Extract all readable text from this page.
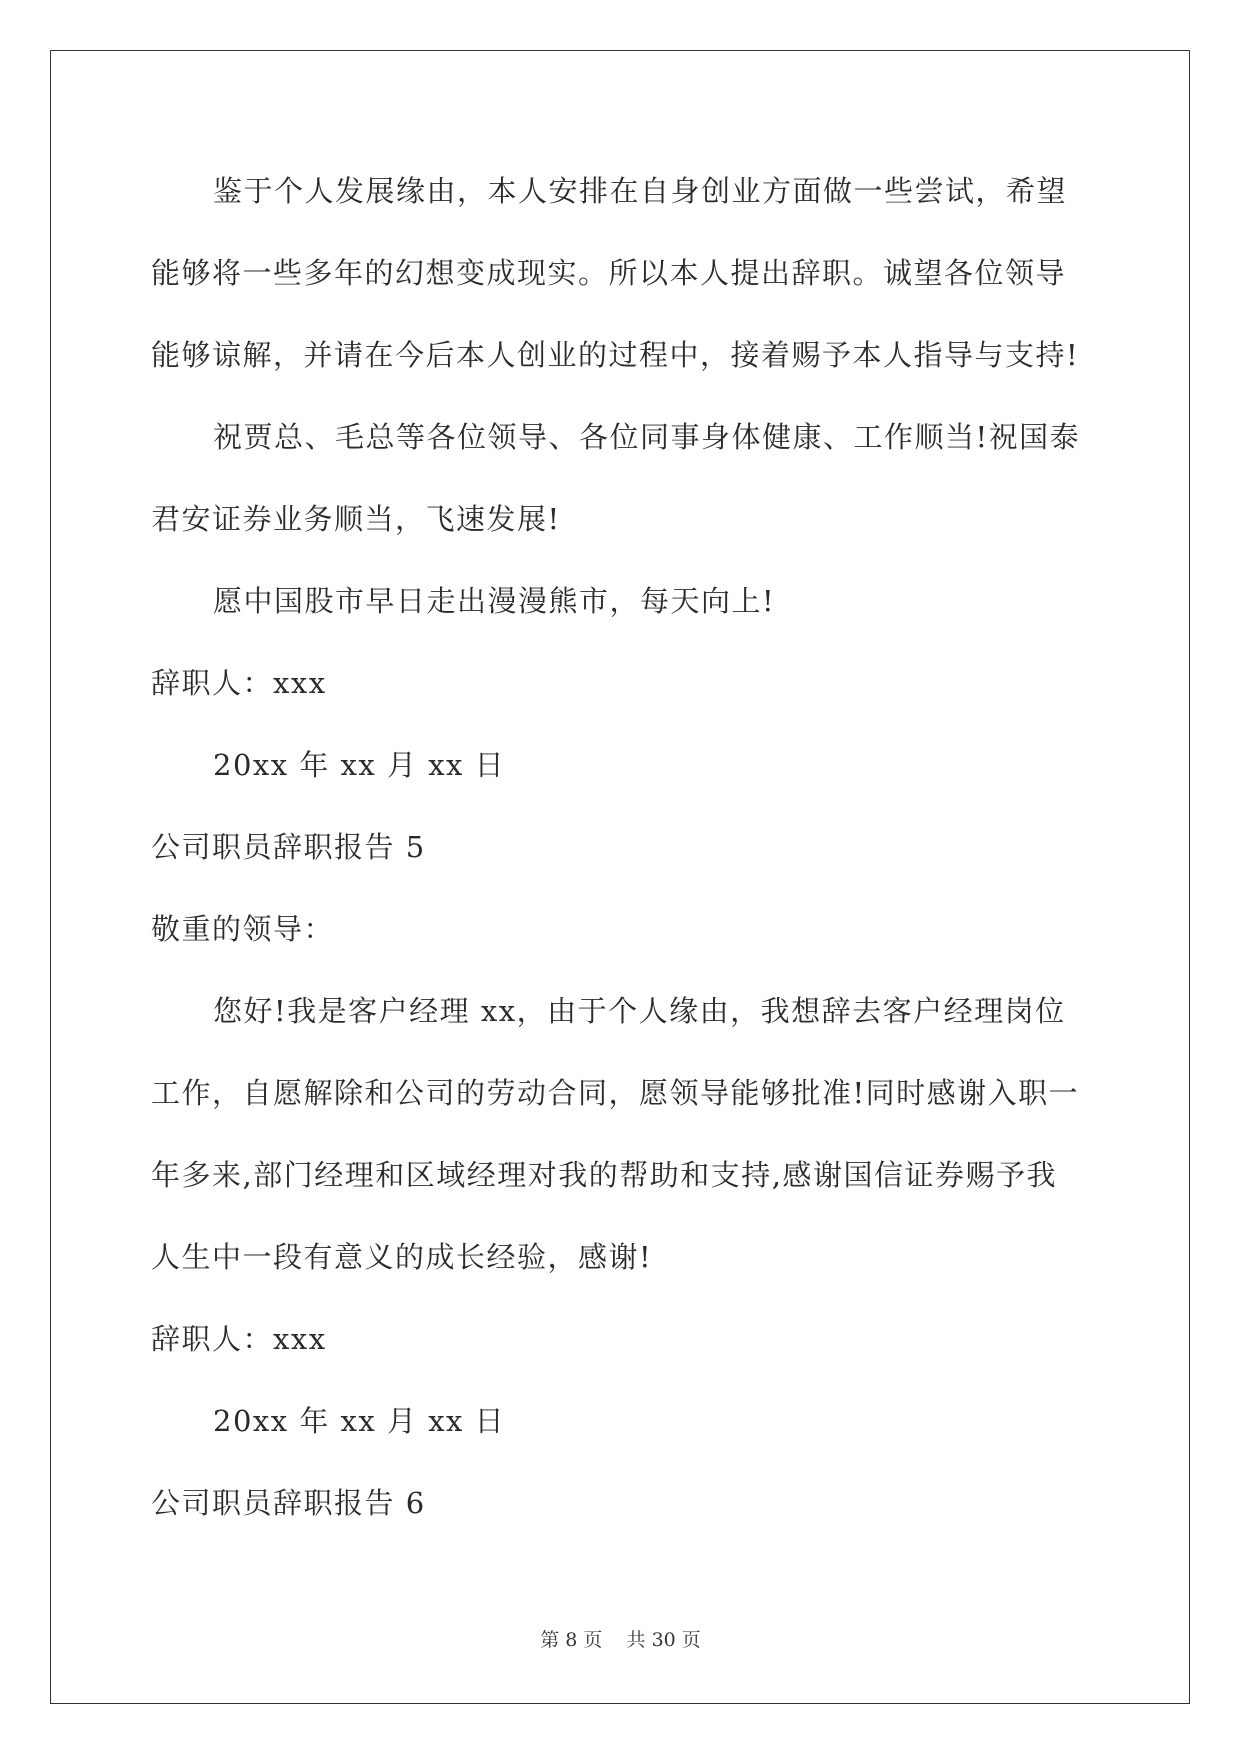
鉴于个人发展缘由，本人安排在自身创业方面做一些尝试，希望
能够将一些多年的幻想变成现实。所以本人提出辞职。诚望各位领导
能够谅解，并请在今后本人创业的过程中，接着赐予本人指导与支持!
祝贾总、毛总等各位领导、各位同事身体健康、工作顺当!祝国泰
君安证券业务顺当，飞速发展!
愿中国股市早日走出漫漫熊市，每天向上!
辞职人：xxx
20xx 年 xx 月 xx 日
公司职员辞职报告 5
敬重的领导：
您好!我是客户经理 xx，由于个人缘由，我想辞去客户经理岗位
工作，自愿解除和公司的劳动合同，愿领导能够批准!同时感谢入职一
年多来,部门经理和区域经理对我的帮助和支持,感谢国信证券赐予我
人生中一段有意义的成长经验，感谢!
辞职人：xxx
20xx 年 xx 月 xx 日
公司职员辞职报告 6
第 8 页    共 30 页
